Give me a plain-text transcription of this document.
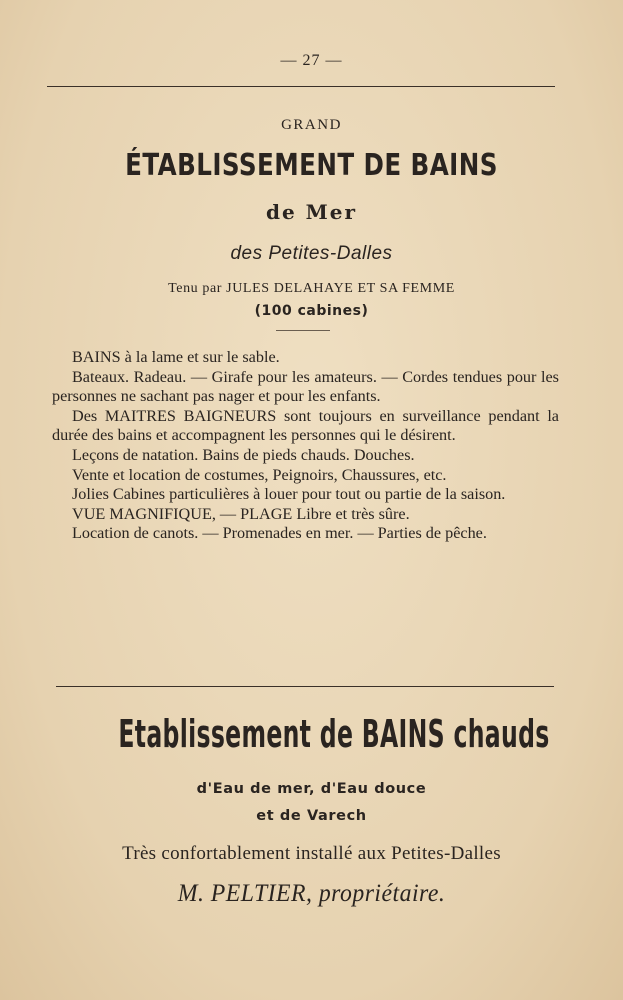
— 27 —
GRAND
ÉTABLISSEMENT DE BAINS
de Mer
des Petites-Dalles
Tenu par JULES DELAHAYE ET SA FEMME
(100 cabines)

BAINS à la lame et sur le sable.

Bateaux. Radeau. — Girafe pour les amateurs. — Cordes tendues pour les personnes ne sachant pas nager et pour les enfants.

Des MAITRES BAIGNEURS sont toujours en surveillance pendant la durée des bains et accompagnent les personnes qui le désirent.

Leçons de natation. Bains de pieds chauds. Douches.

Vente et location de costumes, Peignoirs, Chaussures, etc.

Jolies Cabines particulières à louer pour tout ou partie de la saison.

VUE MAGNIFIQUE, — PLAGE Libre et très sûre.

Location de canots. — Promenades en mer. — Parties de pêche.

Etablissement de BAINS chauds
d'Eau de mer, d'Eau douce
et de Varech
Très confortablement installé aux Petites-Dalles
M. PELTIER, propriétaire.
